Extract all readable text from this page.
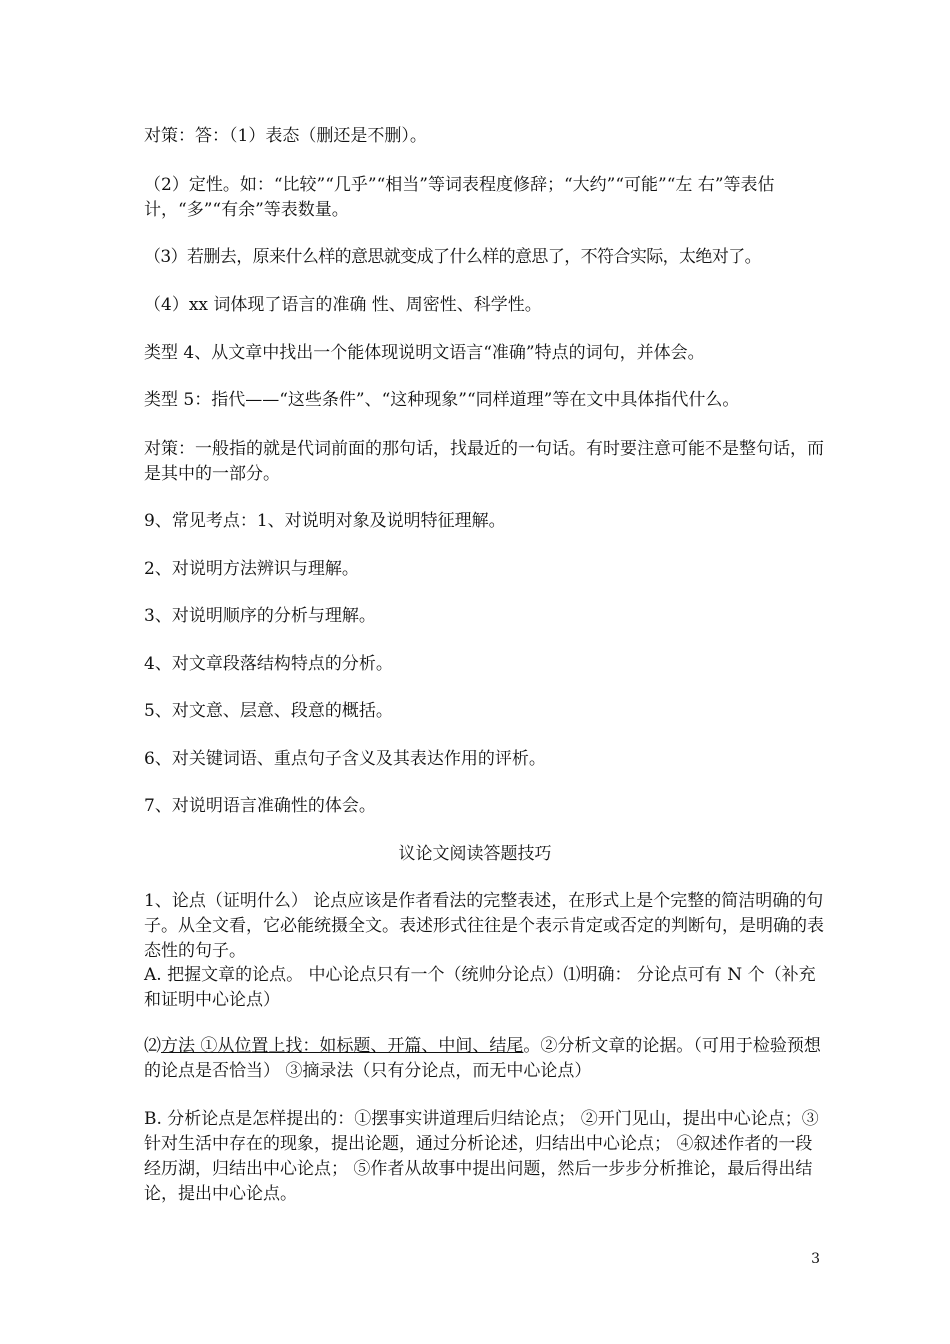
对策：答：（1）表态（删还是不删）。

（2）定性。如：“比较”“几乎”“相当”等词表程度修辞；“大约”“可能”“左 右”等表估计，“多”“有余”等表数量。

（3）若删去，原来什么样的意思就变成了什么样的意思了，不符合实际，太绝对了。

（4）xx 词体现了语言的准确 性、周密性、科学性。

类型 4、从文章中找出一个能体现说明文语言“准确”特点的词句，并体会。

类型 5：指代——“这些条件”、“这种现象”“同样道理”等在文中具体指代什么。

对策：一般指的就是代词前面的那句话，找最近的一句话。有时要注意可能不是整句话，而是其中的一部分。

9、常见考点：1、对说明对象及说明特征理解。

2、对说明方法辨识与理解。

3、对说明顺序的分析与理解。

4、对文章段落结构特点的分析。

5、对文意、层意、段意的概括。

6、对关键词语、重点句子含义及其表达作用的评析。

7、对说明语言准确性的体会。

议论文阅读答题技巧

1、论点（证明什么） 论点应该是作者看法的完整表述，在形式上是个完整的简洁明确的句子。从全文看，它必能统摄全文。表述形式往往是个表示肯定或否定的判断句，是明确的表态性的句子。

A. 把握文章的论点。 中心论点只有一个（统帅分论点）⑴明确： 分论点可有 N 个（补充和证明中心论点）

⑵方法 ①从位置上找：如标题、开篇、中间、结尾。②分析文章的论据。（可用于检验预想的论点是否恰当） ③摘录法（只有分论点，而无中心论点）

B. 分析论点是怎样提出的：①摆事实讲道理后归结论点； ②开门见山，提出中心论点；③针对生活中存在的现象，提出论题，通过分析论述，归结出中心论点； ④叙述作者的一段经历湖，归结出中心论点； ⑤作者从故事中提出问题，然后一步步分析推论，最后得出结论，提出中心论点。

3
